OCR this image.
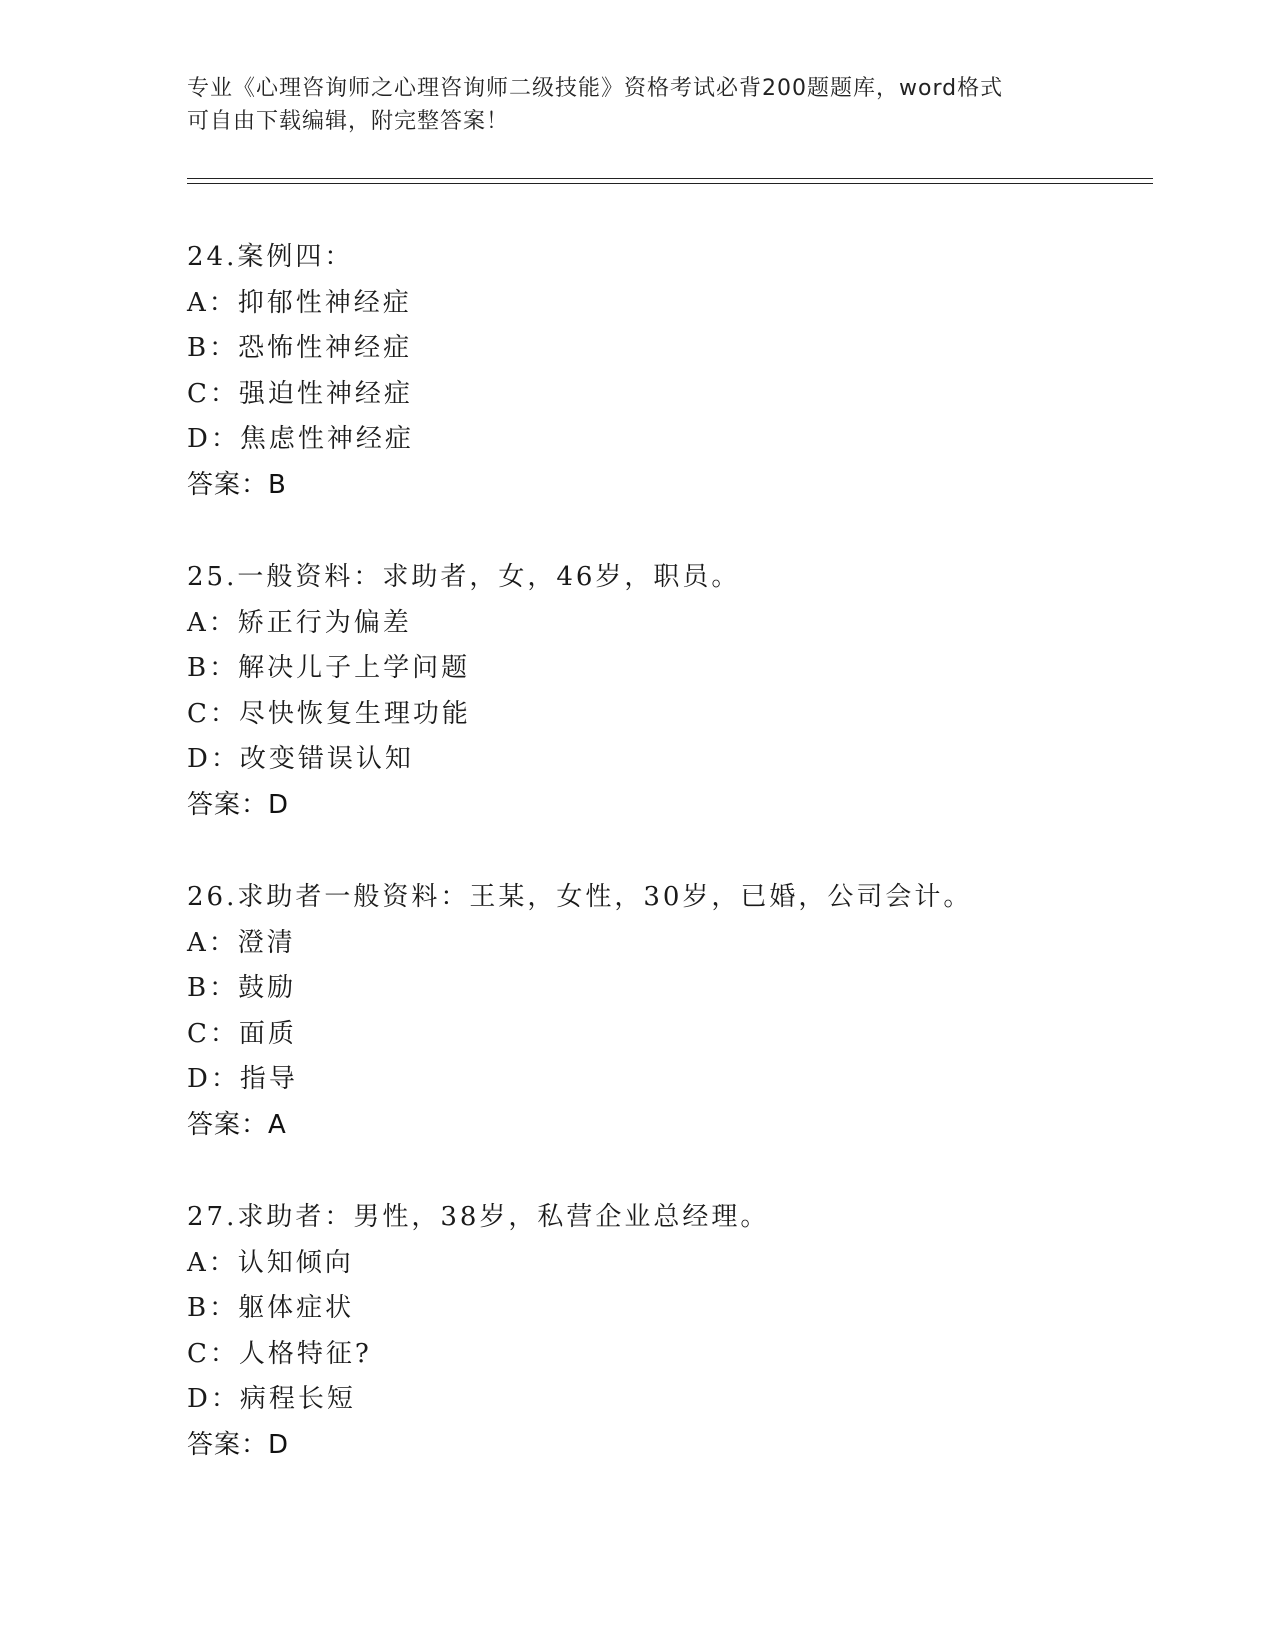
专业《心理咨询师之心理咨询师二级技能》资格考试必背200题题库，word格式

可自由下载编辑，附完整答案！

24.案例四：
A：抑郁性神经症
B：恐怖性神经症
C：强迫性神经症
D：焦虑性神经症
答案：B
25.一般资料：求助者，女，46岁，职员。
A：矫正行为偏差
B：解决儿子上学问题
C：尽快恢复生理功能
D：改变错误认知
答案：D
26.求助者一般资料：王某，女性，30岁，已婚，公司会计。
A：澄清
B：鼓励
C：面质
D：指导
答案：A
27.求助者：男性，38岁，私营企业总经理。
A：认知倾向
B：躯体症状
C：人格特征?
D：病程长短
答案：D
